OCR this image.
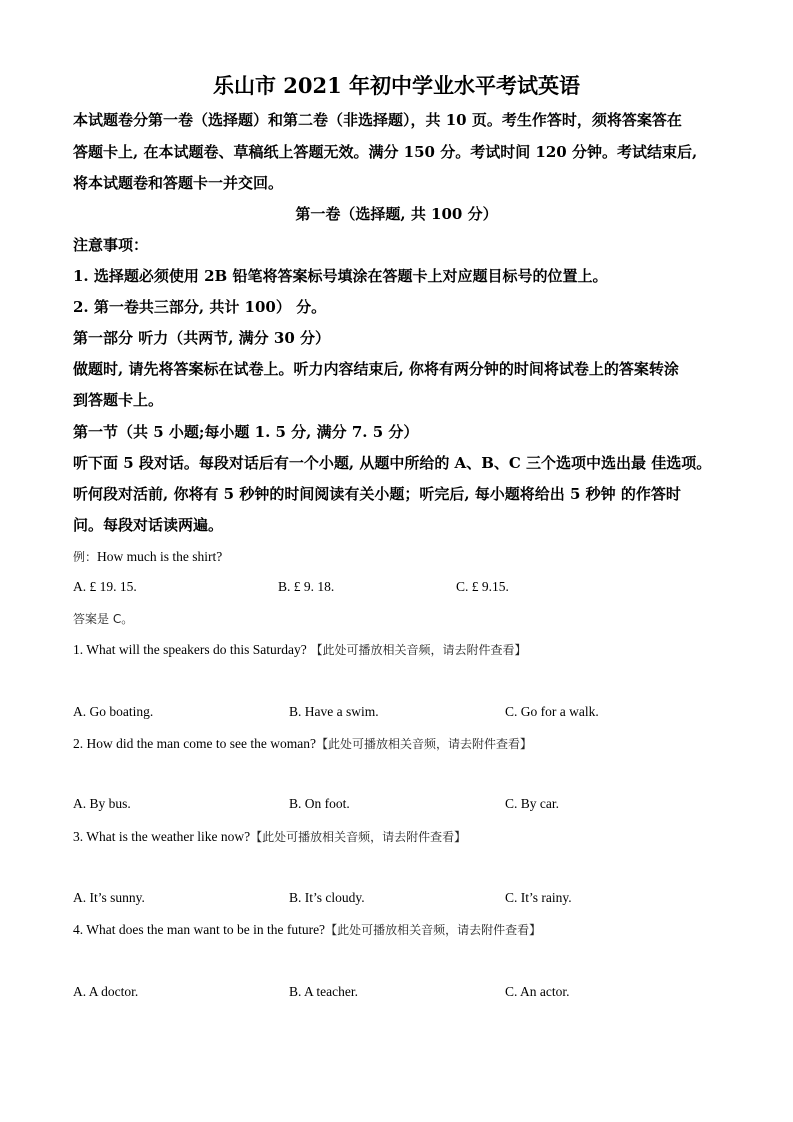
乐山市 2021 年初中学业水平考试英语

本试题卷分第一卷（选择题）和第二卷（非选择题），共 10 页。考生作答时，须将答案答在

答题卡上, 在本试题卷、草稿纸上答题无效。满分 150 分。考试时间 120 分钟。考试结束后,

将本试题卷和答题卡一并交回。

第一卷（选择题, 共 100 分）

注意事项：

1. 选择题必须使用 2B 铅笔将答案标号填涂在答题卡上对应题目标号的位置上。

2. 第一卷共三部分, 共计 100） 分。

第一部分 听力（共两节, 满分 30 分）

做题时, 请先将答案标在试卷上。听力内容结束后, 你将有两分钟的时间将试卷上的答案转涂

到答题卡上。

第一节（共 5 小题;每小题 1. 5 分, 满分 7. 5 分）

听下面 5 段对话。每段对话后有一个小题, 从题中所给的 A、B、C 三个选项中选出最 佳选项。

听何段对活前, 你将有 5 秒钟的时间阅读有关小题；听完后, 每小题将给出 5 秒钟 的作答时

问。每段对话读两遍。

例：How much is the shirt?

A. £ 19. 15.	B. £ 9. 18.	C. £ 9.15.

答案是 C。

1. What will the speakers do this Saturday? 【此处可播放相关音频，请去附件查看】

A. Go boating.	B. Have a swim.	C. Go for a walk.

2. How did the man come to see the woman?【此处可播放相关音频，请去附件查看】

A. By bus.	B. On foot.	C. By car.

3. What is the weather like now?【此处可播放相关音频，请去附件查看】

A. It’s sunny.	B. It’s cloudy.	C. It’s rainy.

4. What does the man want to be in the future?【此处可播放相关音频，请去附件查看】

A. A doctor.	B. A teacher.	C. An actor.
